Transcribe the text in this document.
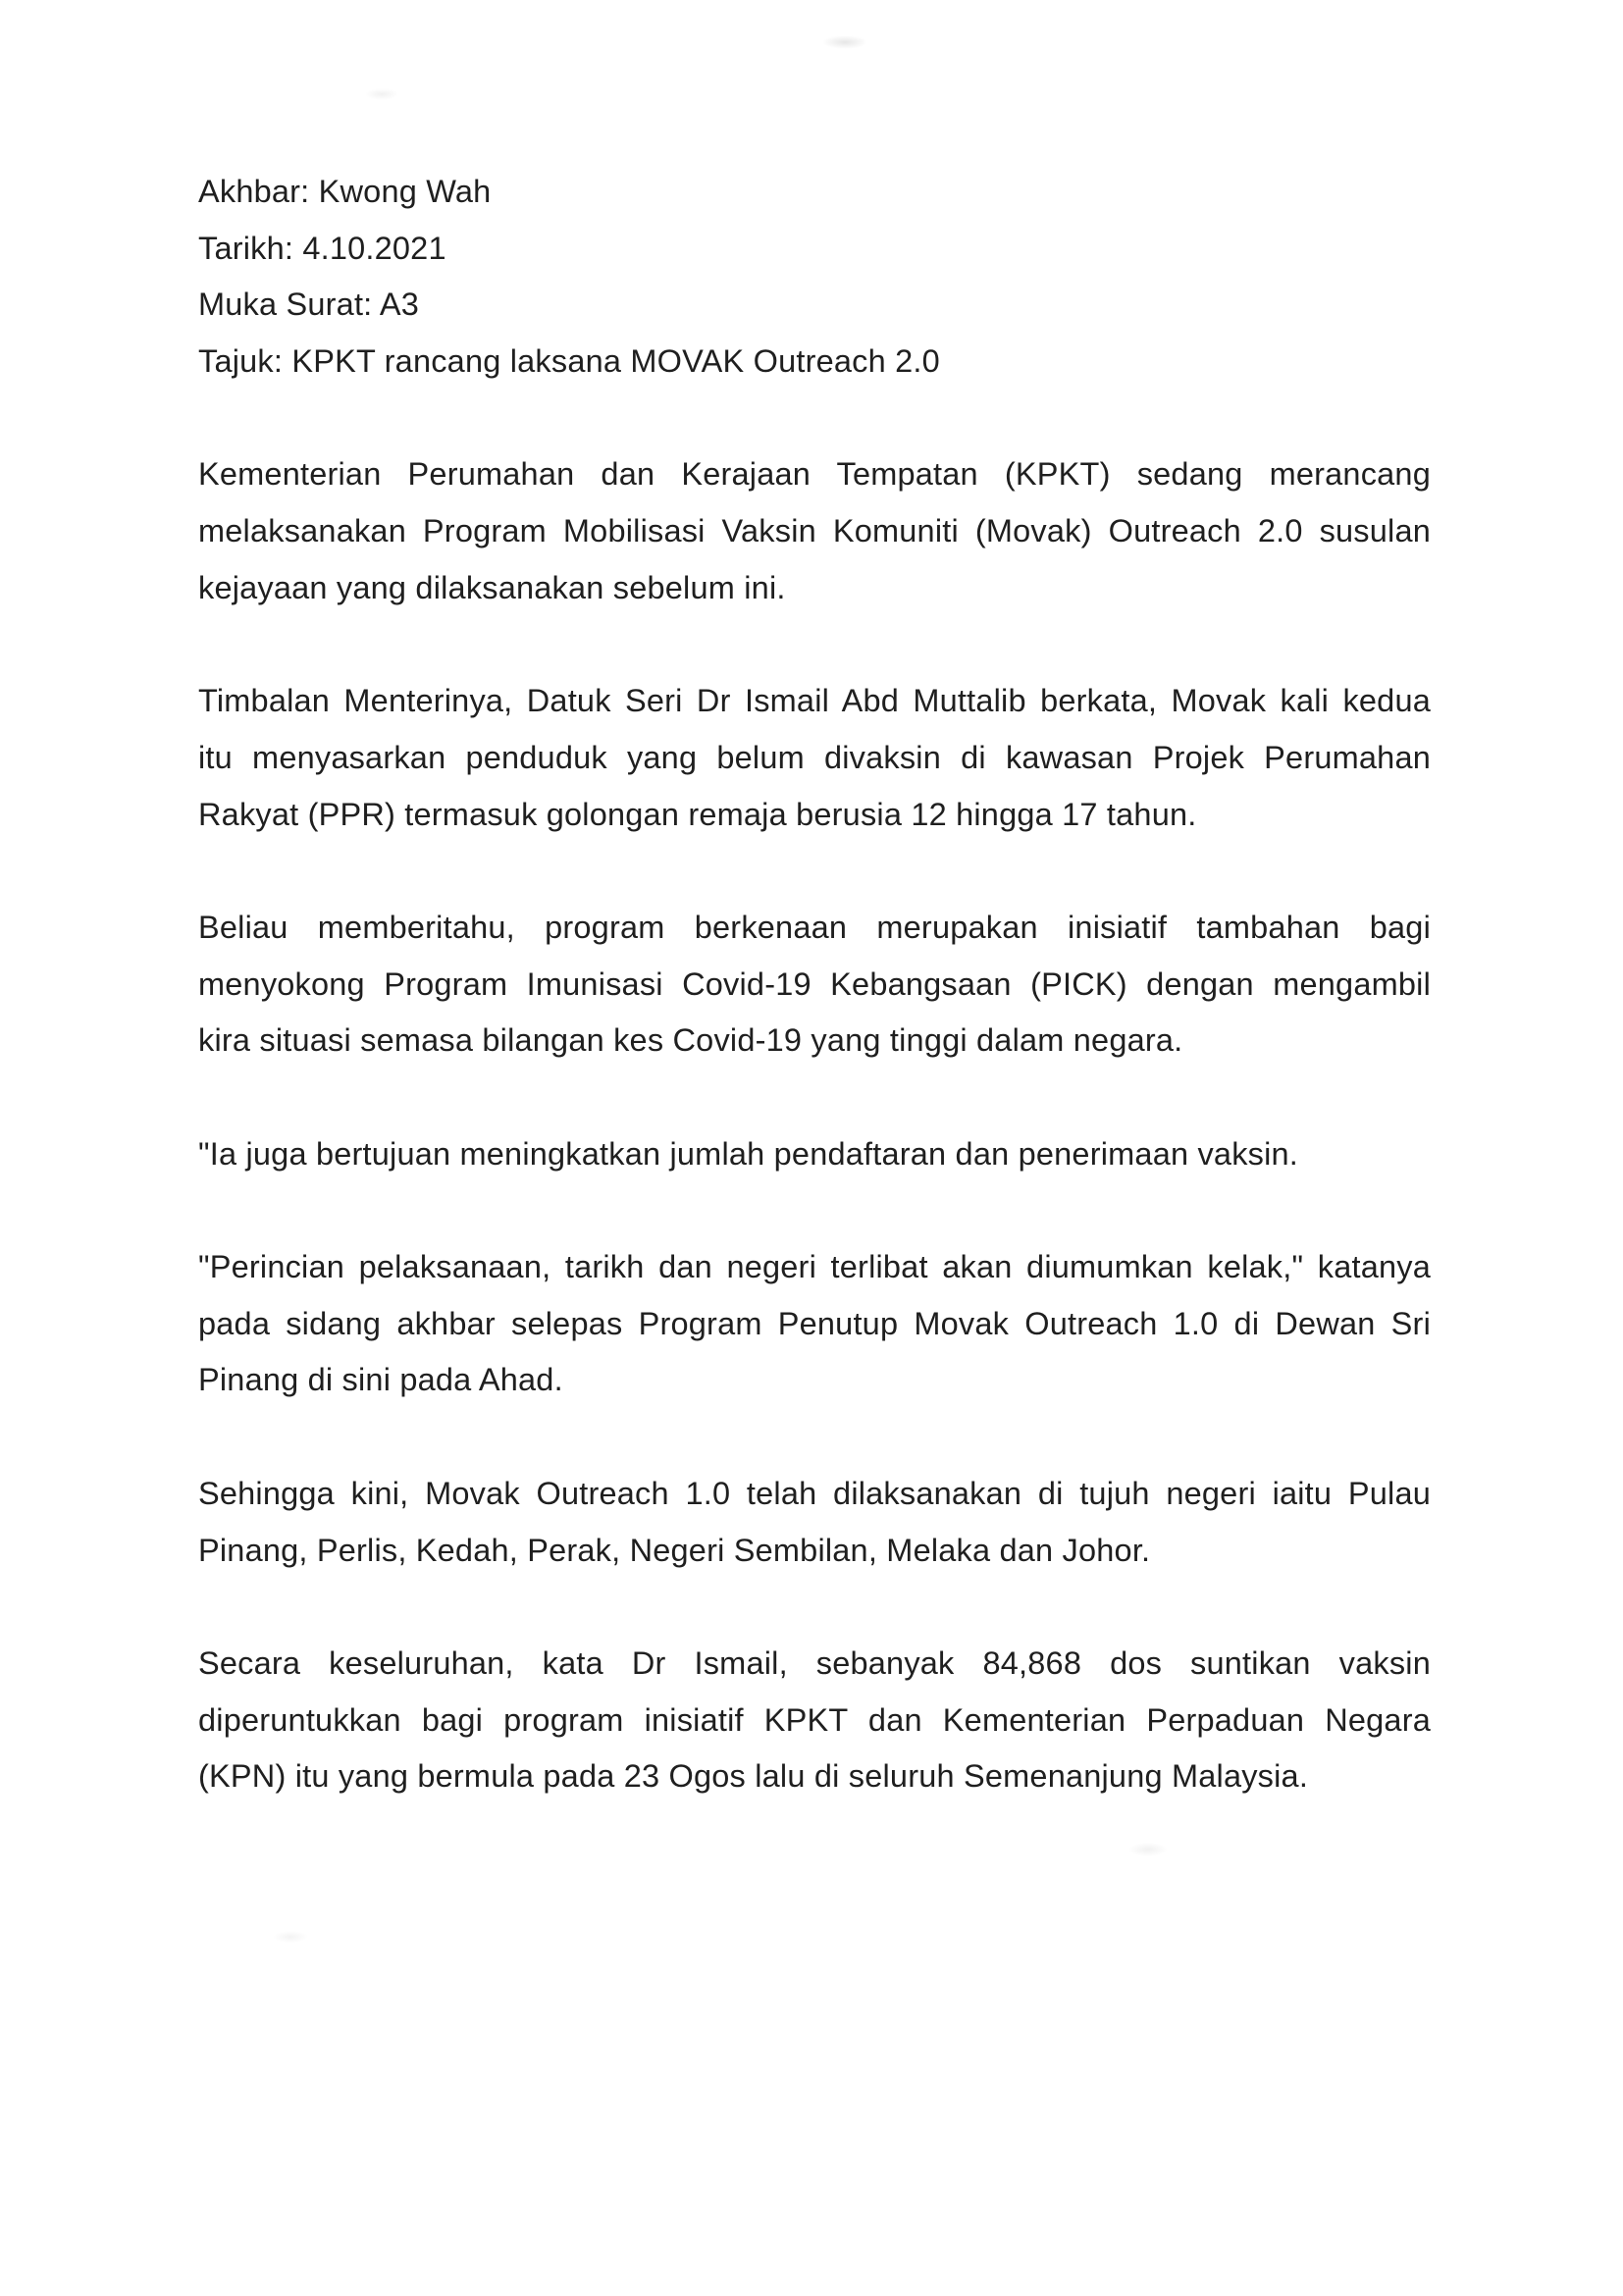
Akhbar: Kwong Wah
Tarikh: 4.10.2021
Muka Surat: A3
Tajuk: KPKT rancang laksana MOVAK Outreach 2.0
Kementerian Perumahan dan Kerajaan Tempatan (KPKT) sedang merancang
melaksanakan Program Mobilisasi Vaksin Komuniti (Movak) Outreach 2.0 susulan
kejayaan yang dilaksanakan sebelum ini.
Timbalan Menterinya, Datuk Seri Dr Ismail Abd Muttalib berkata, Movak kali kedua
itu menyasarkan penduduk yang belum divaksin di kawasan Projek Perumahan
Rakyat (PPR) termasuk golongan remaja berusia 12 hingga 17 tahun.
Beliau memberitahu, program berkenaan merupakan inisiatif tambahan bagi
menyokong Program Imunisasi Covid-19 Kebangsaan (PICK) dengan mengambil
kira situasi semasa bilangan kes Covid-19 yang tinggi dalam negara.
"Ia juga bertujuan meningkatkan jumlah pendaftaran dan penerimaan vaksin.
"Perincian pelaksanaan, tarikh dan negeri terlibat akan diumumkan kelak," katanya
pada sidang akhbar selepas Program Penutup Movak Outreach 1.0 di Dewan Sri
Pinang di sini pada Ahad.
Sehingga kini, Movak Outreach 1.0 telah dilaksanakan di tujuh negeri iaitu Pulau
Pinang, Perlis, Kedah, Perak, Negeri Sembilan, Melaka dan Johor.
Secara keseluruhan, kata Dr Ismail, sebanyak 84,868 dos suntikan vaksin
diperuntukkan bagi program inisiatif KPKT dan Kementerian Perpaduan Negara
(KPN) itu yang bermula pada 23 Ogos lalu di seluruh Semenanjung Malaysia.
